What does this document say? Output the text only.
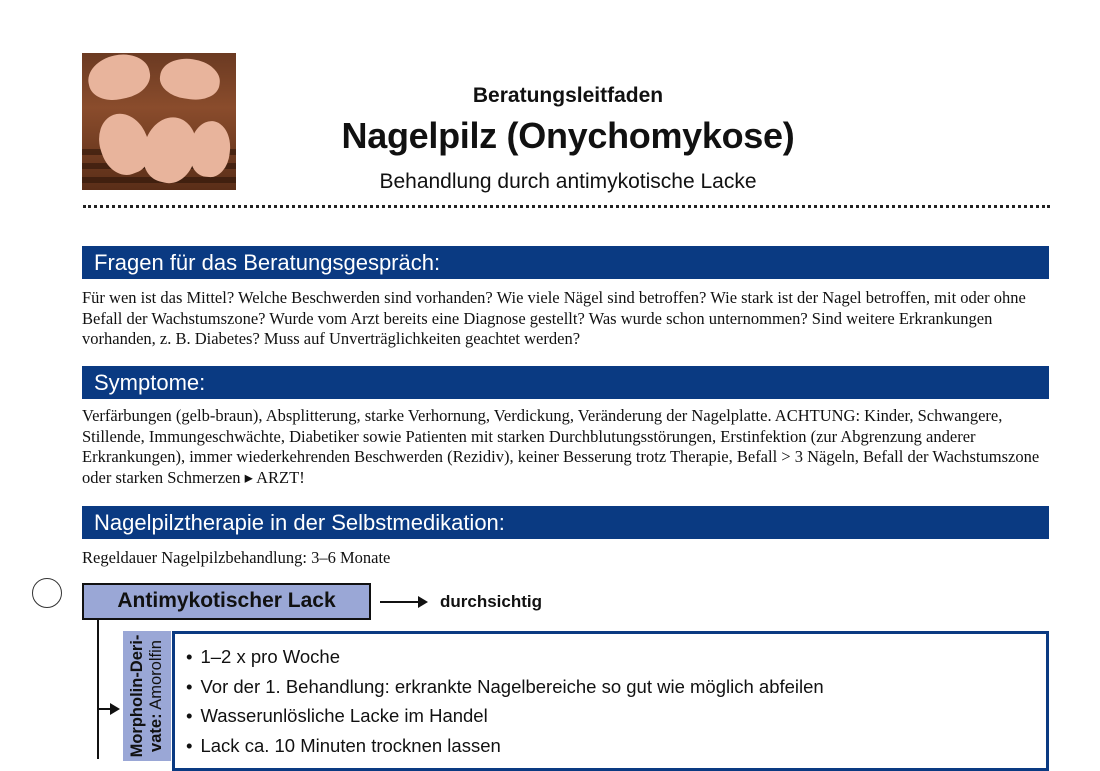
Beratungsleitfaden
Nagelpilz (Onychomykose)
Behandlung durch antimykotische Lacke
Fragen für das Beratungsgespräch:
Für wen ist das Mittel? Welche Beschwerden sind vorhanden? Wie viele Nägel sind betroffen? Wie stark ist der Nagel betroffen, mit oder ohne Befall der Wachstumszone? Wurde vom Arzt bereits eine Diagnose gestellt? Was wurde schon unternommen? Sind weitere Erkrankungen vorhanden, z. B. Diabetes? Muss auf Unverträglichkeiten geachtet werden?
Symptome:
Verfärbungen (gelb-braun), Absplitterung, starke Verhornung, Verdickung, Veränderung der Nagelplatte. ACHTUNG: Kinder, Schwangere, Stillende, Immungeschwächte, Diabetiker sowie Patienten mit starken Durchblutungsstörungen, Erstinfektion (zur Abgrenzung anderer Erkrankungen), immer wiederkehrenden Beschwerden (Rezidiv), keiner Besserung trotz Therapie, Befall > 3 Nägeln, Befall der Wachstumszone oder starken Schmerzen ▸ ARZT!
Nagelpilztherapie in der Selbstmedikation:
Regeldauer Nagelpilzbehandlung: 3–6 Monate
Antimykotischer Lack	durchsichtig
Morpholin-Deri- vate: Amorolfin
•	1–2 x pro Woche
• Vor der 1. Behandlung: erkrankte Nagelbereiche so gut wie möglich abfeilen
• Wasserunlösliche Lacke im Handel
• Lack ca. 10 Minuten trocknen lassen
